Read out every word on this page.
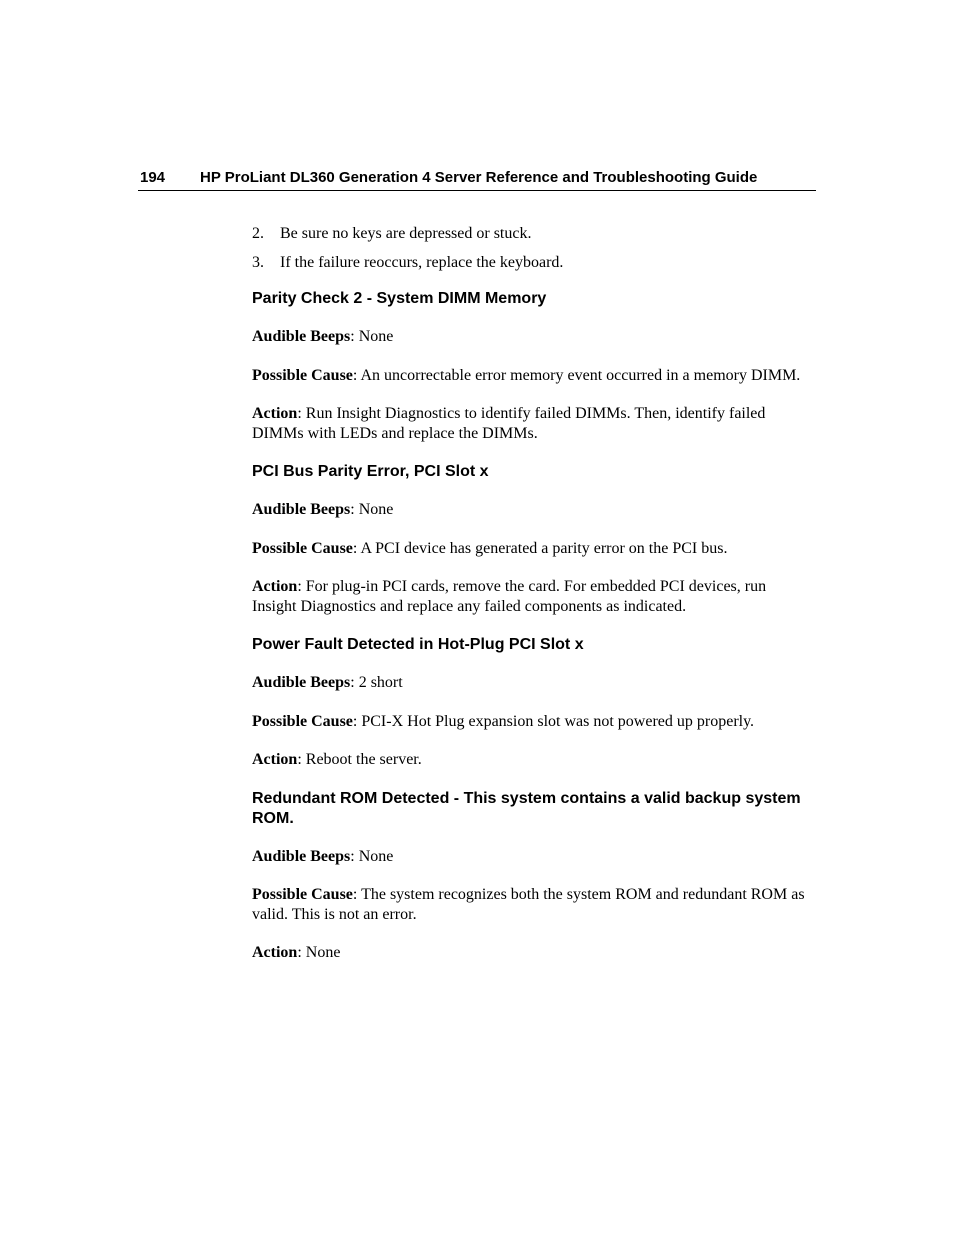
194 HP ProLiant DL360 Generation 4 Server Reference and Troubleshooting Guide
2. Be sure no keys are depressed or stuck.
3. If the failure reoccurs, replace the keyboard.
Parity Check 2 - System DIMM Memory

Audible Beeps: None

Possible Cause: An uncorrectable error memory event occurred in a memory DIMM.

Action: Run Insight Diagnostics to identify failed DIMMs. Then, identify failed DIMMs with LEDs and replace the DIMMs.

PCI Bus Parity Error, PCI Slot x

Audible Beeps: None

Possible Cause: A PCI device has generated a parity error on the PCI bus.

Action: For plug-in PCI cards, remove the card. For embedded PCI devices, run Insight Diagnostics and replace any failed components as indicated.

Power Fault Detected in Hot-Plug PCI Slot x

Audible Beeps: 2 short

Possible Cause: PCI-X Hot Plug expansion slot was not powered up properly.

Action: Reboot the server.

Redundant ROM Detected - This system contains a valid backup system ROM.

Audible Beeps: None

Possible Cause: The system recognizes both the system ROM and redundant ROM as valid. This is not an error.

Action: None
